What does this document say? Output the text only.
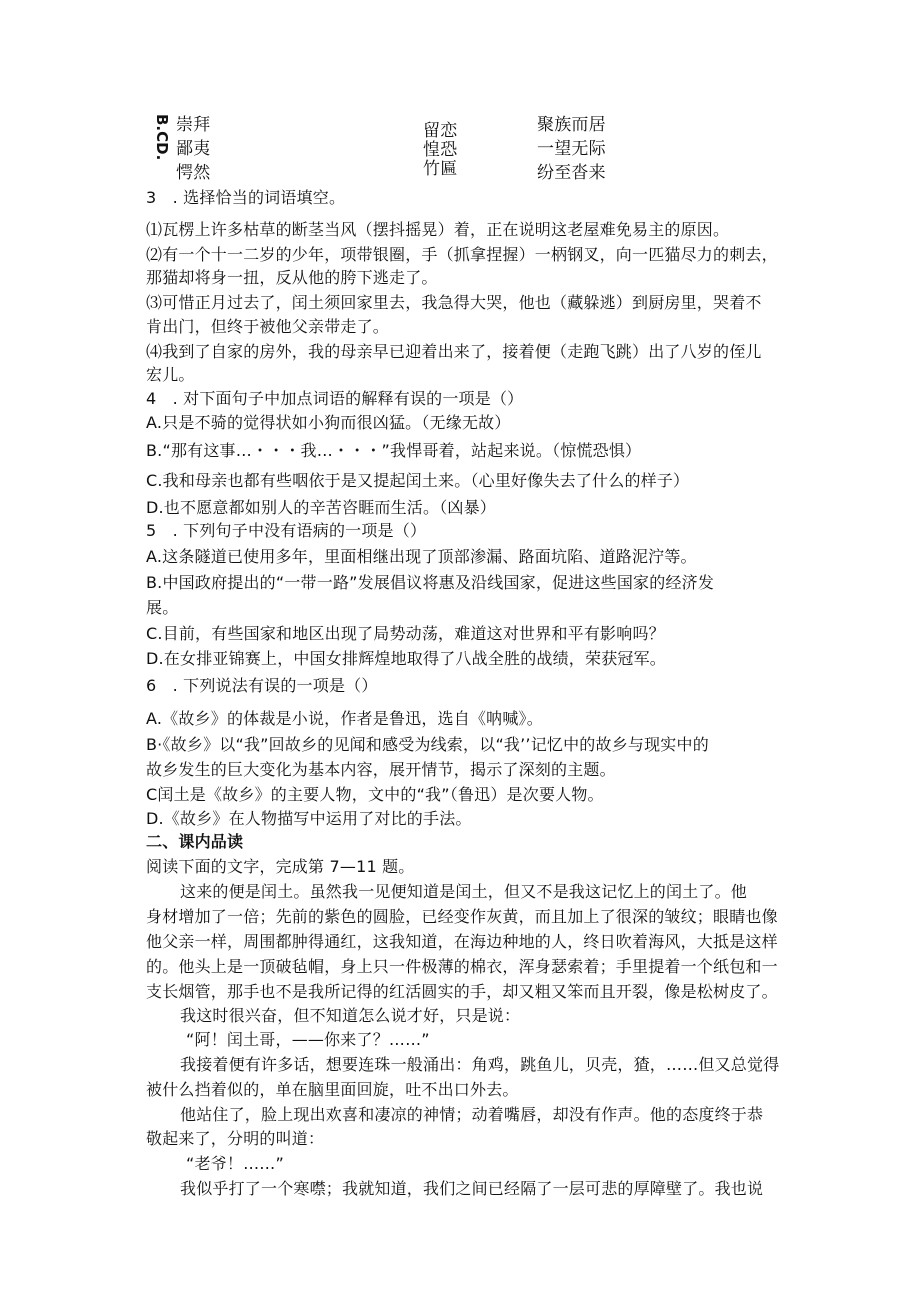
B.CD. 崇拜
鄙夷
愕然
留恋
惶恐
竹匾
聚族而居
一望无际
纷至沓来
3　. 选择恰当的词语填空。
⑴瓦楞上许多枯草的断茎当风（摆抖摇晃）着，正在说明这老屋难免易主的原因。
⑵有一个十一二岁的少年，项带银圈，手（抓拿捏握）一柄钢叉，向一匹猫尽力的刺去，
那猫却将身一扭，反从他的胯下逃走了。
⑶可惜正月过去了，闰土须回家里去，我急得大哭，他也（藏躲逃）到厨房里，哭着不
肯出门，但终于被他父亲带走了。
⑷我到了自家的房外，我的母亲早已迎着出来了，接着便（走跑飞跳）出了八岁的侄儿
宏儿。
4　. 对下面句子中加点词语的解释有误的一项是（）
A.只是不骑的觉得状如小狗而很凶猛。（无缘无故）
B.“那有这事…・・・我…・・・”我悍哥着，站起来说。（惊慌恐惧）
C.我和母亲也都有些咽依于是又提起闰土来。（心里好像失去了什么的样子）
D.也不愿意都如别人的辛苦咨睚而生活。（凶暴）
5　. 下列句子中没有语病的一项是（）
A.这条隧道已使用多年，里面相继出现了顶部渗漏、路面坑陷、道路泥泞等。
B.中国政府提出的“一带一路”发展倡议将惠及沿线国家，促进这些国家的经济发
展。
C.目前，有些国家和地区出现了局势动荡，难道这对世界和平有影响吗？
D.在女排亚锦赛上，中国女排辉煌地取得了八战全胜的战绩，荣获冠军。
6　. 下列说法有误的一项是（）
A.《故乡》的体裁是小说，作者是鲁迅，选自《呐喊》。
B·《故乡》以“我”回故乡的见闻和感受为线索，以“我’’记忆中的故乡与现实中的
故乡发生的巨大变化为基本内容，展开情节，揭示了深刻的主题。
C闰土是《故乡》的主要人物，文中的“我”（鲁迅）是次要人物。
D.《故乡》在人物描写中运用了对比的手法。
二、课内品读
阅读下面的文字，完成第 7—11 题。
这来的便是闰土。虽然我一见便知道是闰土，但又不是我这记忆上的闰土了。他
身材增加了一倍；先前的紫色的圆脸，已经变作灰黄，而且加上了很深的皱纹；眼睛也像
他父亲一样，周围都肿得通红，这我知道，在海边种地的人，终日吹着海风，大抵是这样
的。他头上是一顶破毡帽，身上只一件极薄的棉衣，浑身瑟索着；手里提着一个纸包和一
支长烟管，那手也不是我所记得的红活圆实的手，却又粗又笨而且开裂，像是松树皮了。
我这时很兴奋，但不知道怎么说才好，只是说：
“阿！闰土哥，——你来了？……”
我接着便有许多话，想要连珠一般涌出：角鸡，跳鱼儿，贝壳，猹，……但又总觉得
被什么挡着似的，单在脑里面回旋，吐不出口外去。
他站住了，脸上现出欢喜和凄凉的神情；动着嘴唇，却没有作声。他的态度终于恭
敬起来了，分明的叫道：
“老爷！……”
我似乎打了一个寒噤；我就知道，我们之间已经隔了一层可悲的厚障壁了。我也说
